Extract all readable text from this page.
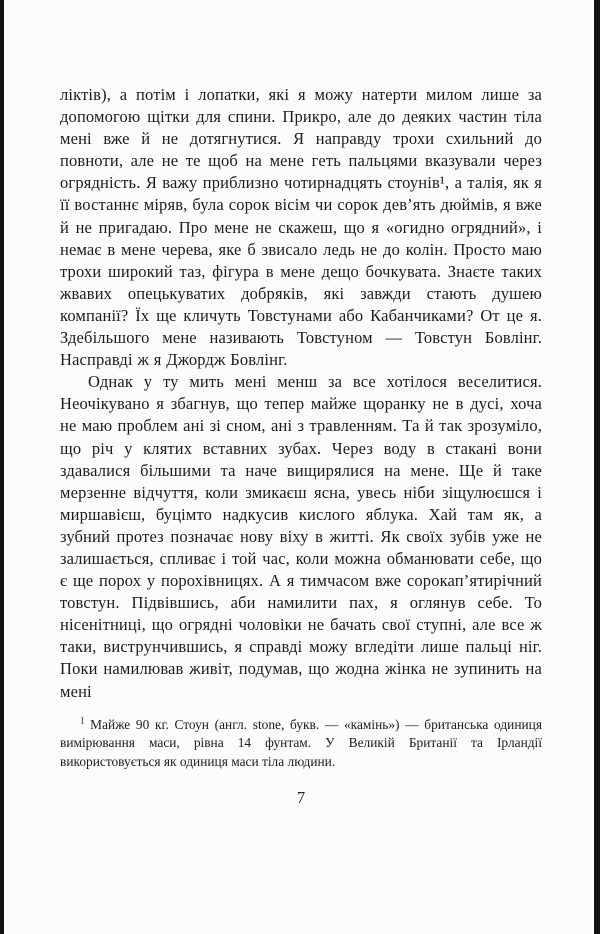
ліктів), а потім і лопатки, які я можу натерти милом лише за допомогою щітки для спини. Прикро, але до деяких частин тіла мені вже й не дотягнутися. Я направду трохи схильний до повноти, але не те щоб на мене геть пальцями вказували через огрядність. Я важу приблизно чотирнадцять стоунів¹, а талія, як я її востаннє міряв, була сорок вісім чи сорок дев’ять дюймів, я вже й не пригадаю. Про мене не скажеш, що я «огидно огрядний», і немає в мене черева, яке б звисало ледь не до колін. Просто маю трохи широкий таз, фігура в мене дещо бочкувата. Знаєте таких жвавих опецькуватих добряків, які завжди стають душею компанії? Їх ще кличуть Товстунами або Кабанчиками? От це я. Здебільшого мене називають Товстуном — Товстун Бовлінг. Насправді ж я Джордж Бовлінг.

Однак у ту мить мені менш за все хотілося веселитися. Неочікувано я збагнув, що тепер майже щоранку не в дусі, хоча не маю проблем ані зі сном, ані з травленням. Та й так зрозуміло, що річ у клятих вставних зубах. Через воду в стакані вони здавалися більшими та наче вищирялися на мене. Ще й таке мерзенне відчуття, коли змикаєш ясна, увесь ніби зіщулюєшся і миршавієш, буцімто надкусив кислого яблука. Хай там як, а зубний протез позначає нову віху в житті. Як своїх зубів уже не залишається, спливає і той час, коли можна обманювати себе, що є ще порох у порохівницях. А я тимчасом вже сорокап’ятирічний товстун. Підвівшись, аби намилити пах, я оглянув себе. То нісенітниці, що огрядні чоловіки не бачать свої ступні, але все ж таки, виструнчившись, я справді можу вгледіти лише пальці ніг. Поки намилював живіт, подумав, що жодна жінка не зупинить на мені

$^1$ Майже 90 кг. Стоун (англ. stone, букв. — «камінь») — британська одиниця вимірювання маси, рівна 14 фунтам. У Великій Британії та Ірландії використовується як одиниця маси тіла людини.

7
